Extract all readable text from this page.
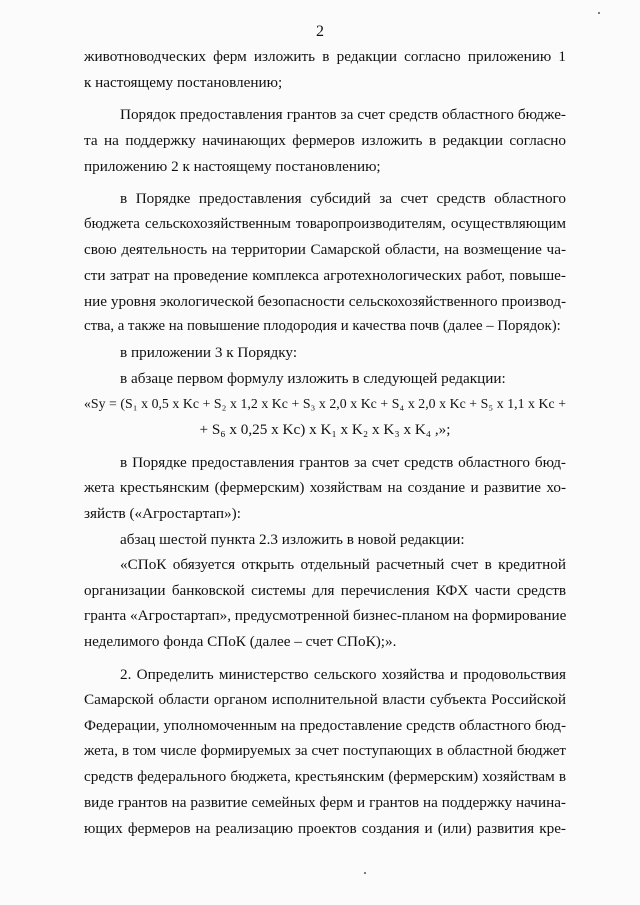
2
животноводческих ферм изложить в редакции согласно приложению 1
к настоящему постановлению;
Порядок предоставления грантов за счет средств областного бюдже-
та на поддержку начинающих фермеров изложить в редакции согласно
приложению 2 к настоящему постановлению;
в Порядке предоставления субсидий за счет средств областного
бюджета сельскохозяйственным товаропроизводителям, осуществляющим
свою деятельность на территории Самарской области, на возмещение ча-
сти затрат на проведение комплекса агротехнологических работ, повыше-
ние уровня экологической безопасности сельскохозяйственного производ-
ства, а также на повышение плодородия и качества почв (далее – Порядок):
в приложении 3 к Порядку:
в абзаце первом формулу изложить в следующей редакции:
«Sу = (S₁ x 0,5 x Kс + S₂ x 1,2 x Kс + S₃ x 2,0 x Kс + S₄ x 2,0 x Kс + S₅ x 1,1 x Kс +
+ S₆ x 0,25 x Kс) x K₁ x K₂ x K₃ x K₄ ,»;
в Порядке предоставления грантов за счет средств областного бюд-
жета крестьянским (фермерским) хозяйствам на создание и развитие хо-
зяйств («Агростартап»):
абзац шестой пункта 2.3 изложить в новой редакции:
«СПоК обязуется открыть отдельный расчетный счет в кредитной
организации банковской системы для перечисления КФХ части средств
гранта «Агростартап», предусмотренной бизнес-планом на формирование
неделимого фонда СПоК (далее – счет СПоК);».
2. Определить министерство сельского хозяйства и продовольствия
Самарской области органом исполнительной власти субъекта Российской
Федерации, уполномоченным на предоставление средств областного бюд-
жета, в том числе формируемых за счет поступающих в областной бюджет
средств федерального бюджета, крестьянским (фермерским) хозяйствам в
виде грантов на развитие семейных ферм и грантов на поддержку начина-
ющих фермеров на реализацию проектов создания и (или) развития кре-
